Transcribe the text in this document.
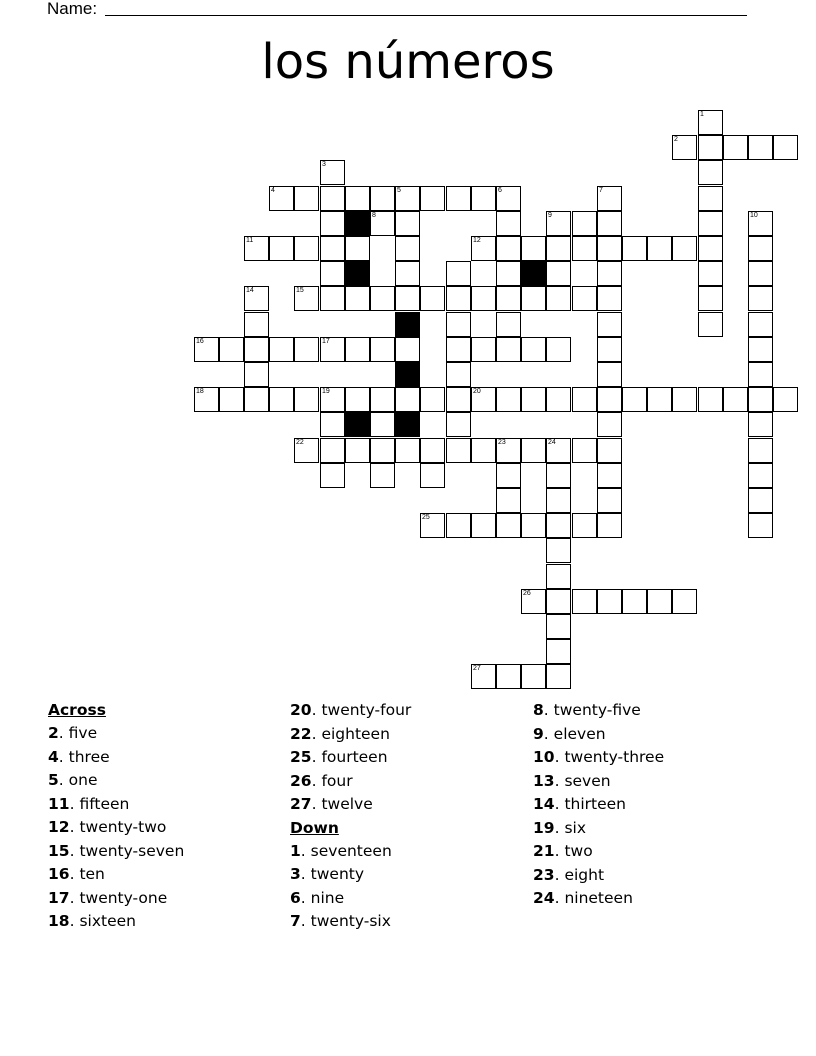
Name:
los números
1
2
3
4	5	6	7
8	9	10
11	12
14	15
16	17
18	19	20
22	23	24
25
26
27
Across
2. five
4. three
5. one
11. fifteen
12. twenty-two
15. twenty-seven
16. ten
17. twenty-one
18. sixteen
20. twenty-four
22. eighteen
25. fourteen
26. four
27. twelve
Down
1. seventeen
3. twenty
6. nine
7. twenty-six
8. twenty-five
9. eleven
10. twenty-three
13. seven
14. thirteen
19. six
21. two
23. eight
24. nineteen
